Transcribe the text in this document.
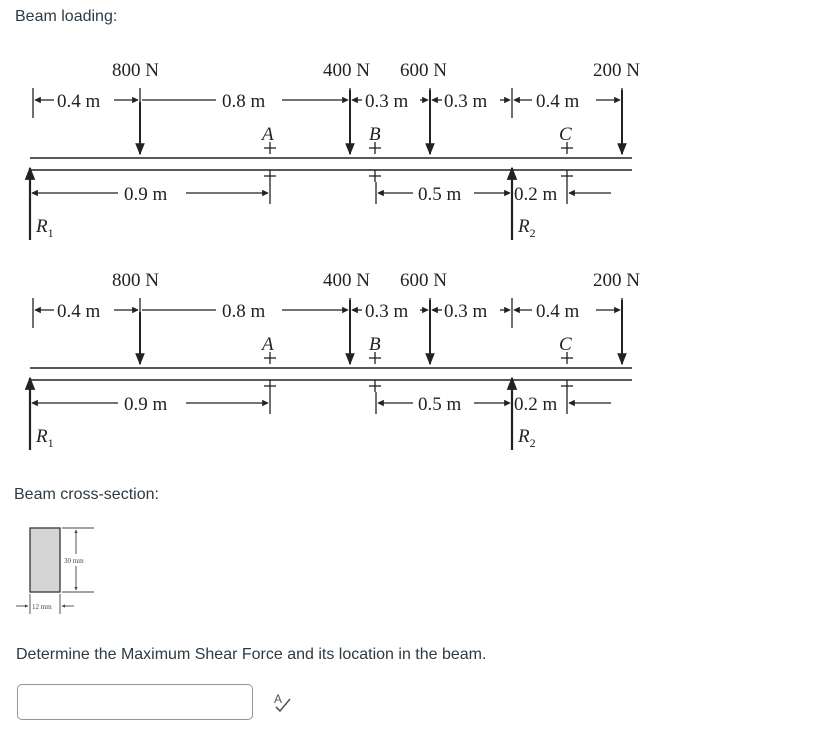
Beam loading:
800 N	400 N 600 N	200 N
0.4 m	0.8 m	0.3 m 0.3 m	0.4 m
A	B	C
0.9 m	0.5 m	0.2 m
$R_1$	$R_2$
800 N	400 N 600 N	200 N
0.4 m	0.8 m	0.3 m 0.3 m	0.4 m
A	B	C
0.9 m	0.5 m	0.2 m
$R_1$	$R_2$
Beam cross-section:
30 mm
12 mm
Determine the Maximum Shear Force and its location in the beam.
A
